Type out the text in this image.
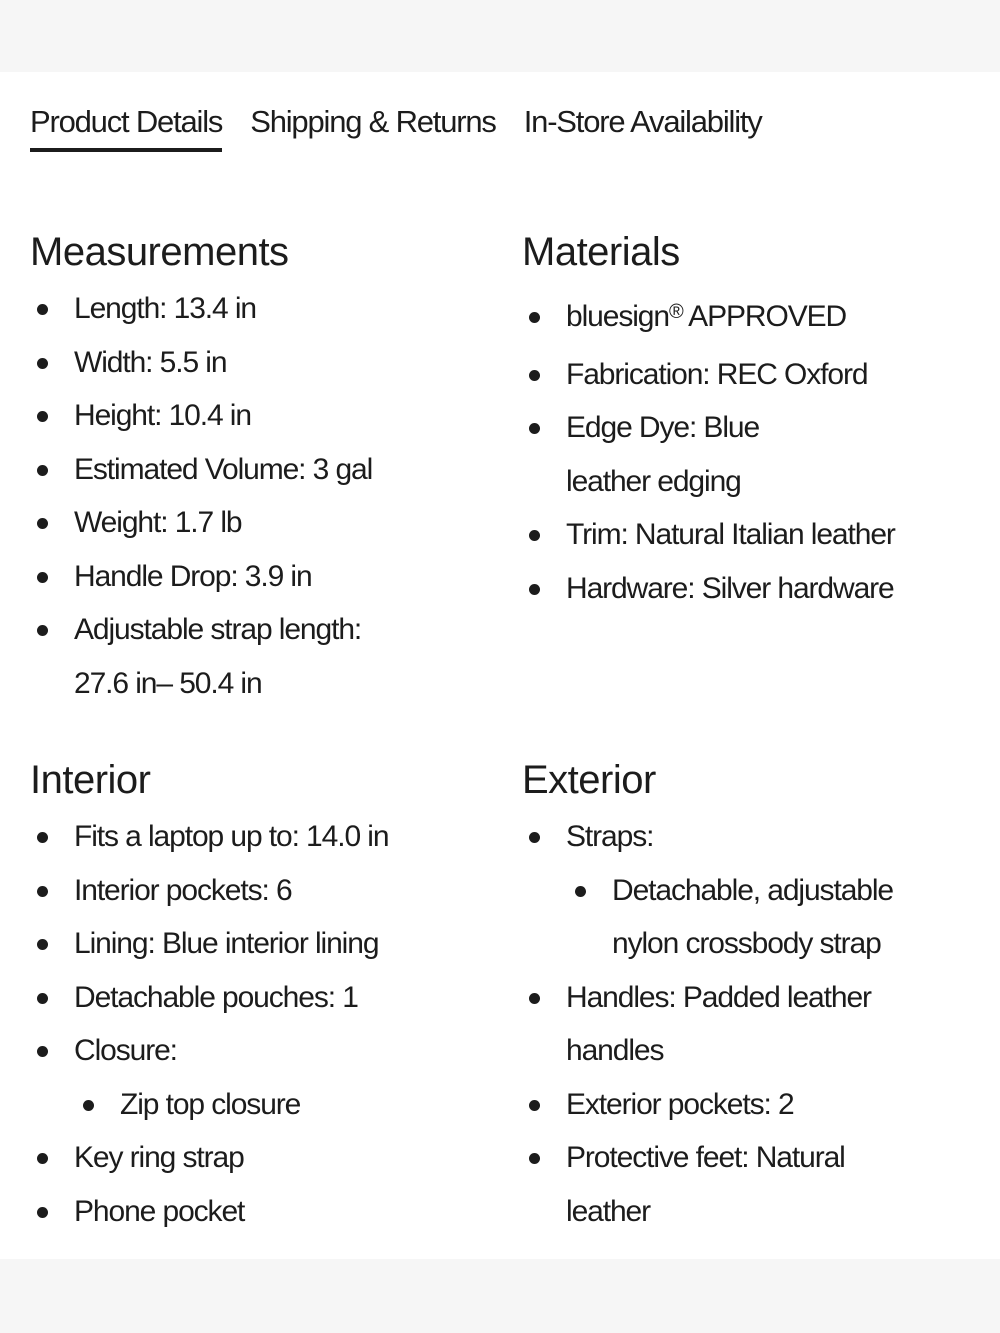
Product Details Shipping & Returns In-Store Availability
Measurements
Length: 13.4 in
Width: 5.5 in
Height: 10.4 in
Estimated Volume: 3 gal
Weight: 1.7 lb
Handle Drop: 3.9 in
Adjustable strap length: 27.6 in– 50.4 in
Materials
bluesign® APPROVED
Fabrication: REC Oxford
Edge Dye: Blue leather edging
Trim: Natural Italian leather
Hardware: Silver hardware
Interior
Fits a laptop up to: 14.0 in
Interior pockets: 6
Lining: Blue interior lining
Detachable pouches: 1
Closure:
Zip top closure
Key ring strap
Phone pocket
Exterior
Straps:
Detachable, adjustable nylon crossbody strap
Handles: Padded leather handles
Exterior pockets: 2
Protective feet: Natural leather
